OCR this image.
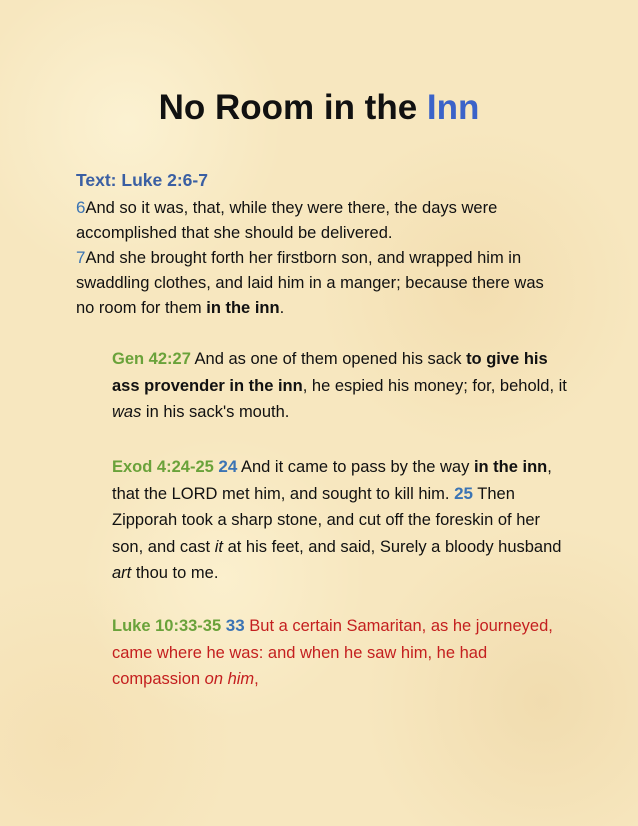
No Room in the Inn
Text: Luke 2:6-7

6And so it was, that, while they were there, the days were accomplished that she should be delivered.

7And she brought forth her firstborn son, and wrapped him in swaddling clothes, and laid him in a manger; because there was no room for them in the inn.

Gen 42:27 And as one of them opened his sack to give his ass provender in the inn, he espied his money; for, behold, it was in his sack's mouth.

Exod 4:24-25 24 And it came to pass by the way in the inn, that the LORD met him, and sought to kill him. 25 Then Zipporah took a sharp stone, and cut off the foreskin of her son, and cast it at his feet, and said, Surely a bloody husband art thou to me.

Luke 10:33-35 33 But a certain Samaritan, as he journeyed, came where he was: and when he saw him, he had compassion on him,
